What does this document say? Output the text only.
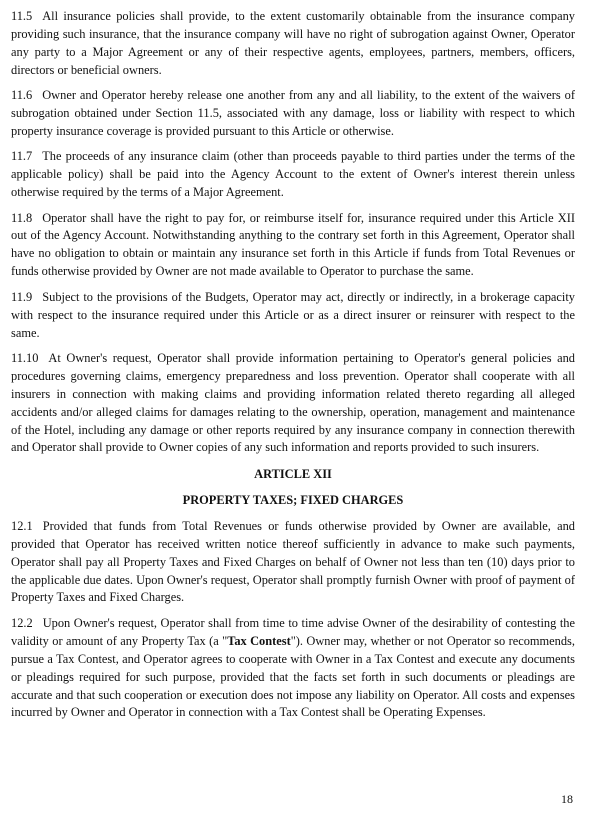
11.5 All insurance policies shall provide, to the extent customarily obtainable from the insurance company providing such insurance, that the insurance company will have no right of subrogation against Owner, Operator any party to a Major Agreement or any of their respective agents, employees, partners, members, officers, directors or beneficial owners.

11.6 Owner and Operator hereby release one another from any and all liability, to the extent of the waivers of subrogation obtained under Section 11.5, associated with any damage, loss or liability with respect to which property insurance coverage is provided pursuant to this Article or otherwise.

11.7 The proceeds of any insurance claim (other than proceeds payable to third parties under the terms of the applicable policy) shall be paid into the Agency Account to the extent of Owner's interest therein unless otherwise required by the terms of a Major Agreement.

11.8 Operator shall have the right to pay for, or reimburse itself for, insurance required under this Article XII out of the Agency Account. Notwithstanding anything to the contrary set forth in this Agreement, Operator shall have no obligation to obtain or maintain any insurance set forth in this Article if funds from Total Revenues or funds otherwise provided by Owner are not made available to Operator to purchase the same.

11.9 Subject to the provisions of the Budgets, Operator may act, directly or indirectly, in a brokerage capacity with respect to the insurance required under this Article or as a direct insurer or reinsurer with respect to the same.

11.10 At Owner's request, Operator shall provide information pertaining to Operator's general policies and procedures governing claims, emergency preparedness and loss prevention. Operator shall cooperate with all insurers in connection with making claims and providing information related thereto regarding all alleged accidents and/or alleged claims for damages relating to the ownership, operation, management and maintenance of the Hotel, including any damage or other reports required by any insurance company in connection therewith and Operator shall provide to Owner copies of any such information and reports provided to such insurers.

ARTICLE XII
PROPERTY TAXES; FIXED CHARGES

12.1 Provided that funds from Total Revenues or funds otherwise provided by Owner are available, and provided that Operator has received written notice thereof sufficiently in advance to make such payments, Operator shall pay all Property Taxes and Fixed Charges on behalf of Owner not less than ten (10) days prior to the applicable due dates. Upon Owner's request, Operator shall promptly furnish Owner with proof of payment of Property Taxes and Fixed Charges.

12.2 Upon Owner's request, Operator shall from time to time advise Owner of the desirability of contesting the validity or amount of any Property Tax (a "Tax Contest"). Owner may, whether or not Operator so recommends, pursue a Tax Contest, and Operator agrees to cooperate with Owner in a Tax Contest and execute any documents or pleadings required for such purpose, provided that the facts set forth in such documents or pleadings are accurate and that such cooperation or execution does not impose any liability on Operator. All costs and expenses incurred by Owner and Operator in connection with a Tax Contest shall be Operating Expenses.

18
